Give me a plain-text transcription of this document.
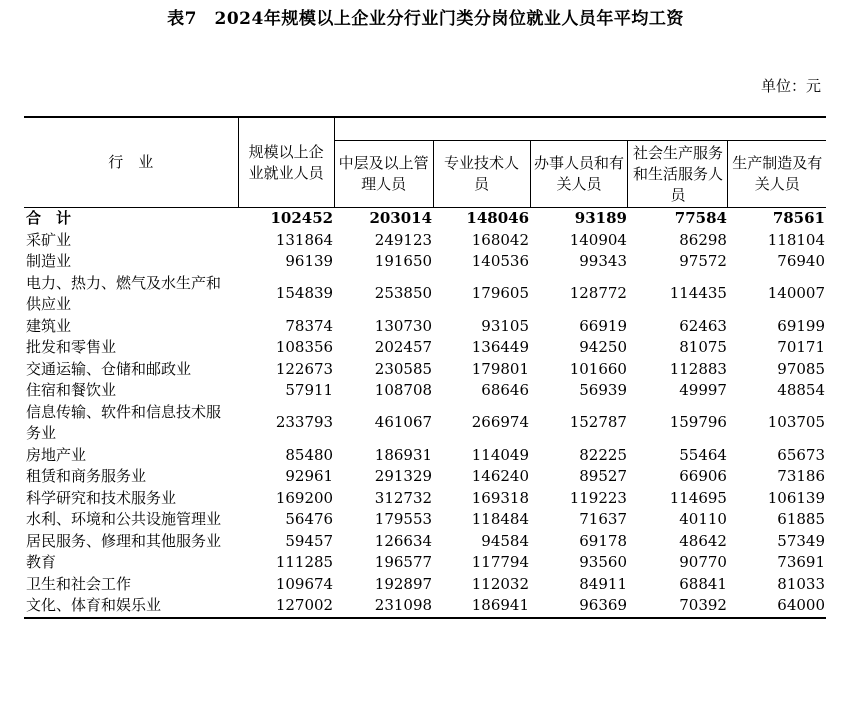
表7　2024年规模以上企业分行业门类分岗位就业人员年平均工资
单位：元
行　业	规模以上企业就业人员					
		中层及以上管理人员	专业技术人员	办事人员和有关人员	社会生产服务和生活服务人员	生产制造及有关人员
合　计	102452	203014	148046	93189	77584	78561
采矿业	131864	249123	168042	140904	86298	118104
制造业	96139	191650	140536	99343	97572	76940
电力、热力、燃气及水生产和供应业	154839	253850	179605	128772	114435	140007
建筑业	78374	130730	93105	66919	62463	69199
批发和零售业	108356	202457	136449	94250	81075	70171
交通运输、仓储和邮政业	122673	230585	179801	101660	112883	97085
住宿和餐饮业	57911	108708	68646	56939	49997	48854
信息传输、软件和信息技术服务业	233793	461067	266974	152787	159796	103705
房地产业	85480	186931	114049	82225	55464	65673
租赁和商务服务业	92961	291329	146240	89527	66906	73186
科学研究和技术服务业	169200	312732	169318	119223	114695	106139
水利、环境和公共设施管理业	56476	179553	118484	71637	40110	61885
居民服务、修理和其他服务业	59457	126634	94584	69178	48642	57349
教育	111285	196577	117794	93560	90770	73691
卫生和社会工作	109674	192897	112032	84911	68841	81033
文化、体育和娱乐业	127002	231098	186941	96369	70392	64000
